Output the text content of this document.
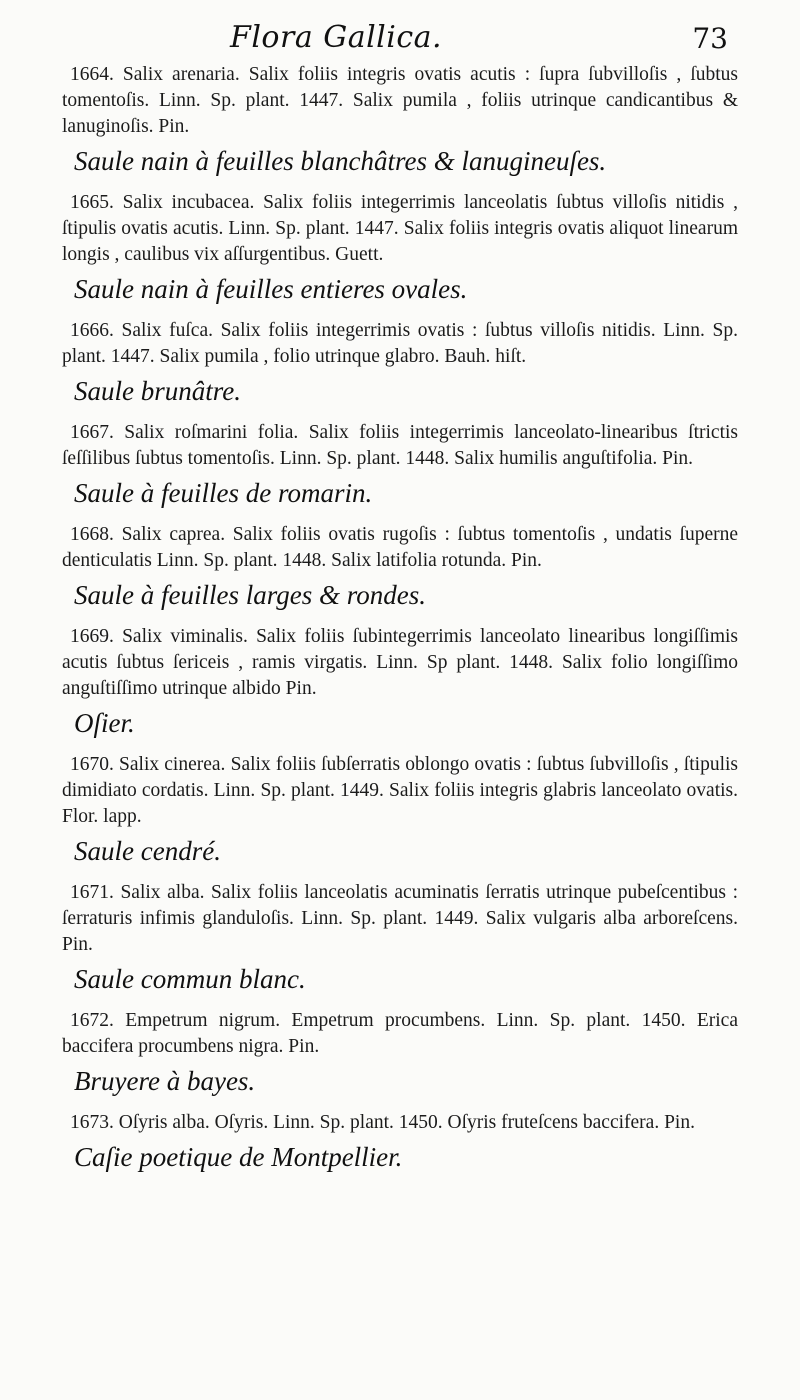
Flora Gallica.	73

1664. Salix arenaria. Salix foliis integris ovatis acutis : ſupra ſubvilloſis , ſubtus tomentoſis. Linn. Sp. plant. 1447. Salix pumila , foliis utrinque candicantibus & lanuginoſis. Pin.

Saule nain à feuilles blanchâtres & lanugineuſes.

1665. Salix incubacea. Salix foliis integerrimis lanceolatis ſubtus villoſis nitidis , ſtipulis ovatis acutis. Linn. Sp. plant. 1447. Salix foliis integris ovatis aliquot linearum longis , caulibus vix aſſurgentibus. Guett.

Saule nain à feuilles entieres ovales.

1666. Salix fuſca. Salix foliis integerrimis ovatis : ſubtus villoſis nitidis. Linn. Sp. plant. 1447. Salix pumila , folio utrinque glabro. Bauh. hiſt.

Saule brunâtre.

1667. Salix roſmarini folia. Salix foliis integerrimis lanceolato-linearibus ſtrictis ſeſſilibus ſubtus tomentoſis. Linn. Sp. plant. 1448. Salix humilis anguſtifolia. Pin.

Saule à feuilles de romarin.

1668. Salix caprea. Salix foliis ovatis rugoſis : ſubtus tomentoſis , undatis ſuperne denticulatis Linn. Sp. plant. 1448. Salix latifolia rotunda. Pin.

Saule à feuilles larges & rondes.

1669. Salix viminalis. Salix foliis ſubintegerrimis lanceolato linearibus longiſſimis acutis ſubtus ſericeis , ramis virgatis. Linn. Sp plant. 1448. Salix folio longiſſimo anguſtiſſimo utrinque albido Pin.

Oſier.

1670. Salix cinerea. Salix foliis ſubſerratis oblongo ovatis : ſubtus ſubvilloſis , ſtipulis dimidiato cordatis. Linn. Sp. plant. 1449. Salix foliis integris glabris lanceolato ovatis. Flor. lapp.

Saule cendré.

1671. Salix alba. Salix foliis lanceolatis acuminatis ſerratis utrinque pubeſcentibus : ſerraturis infimis glanduloſis. Linn. Sp. plant. 1449. Salix vulgaris alba arboreſcens. Pin.

Saule commun blanc.

1672. Empetrum nigrum. Empetrum procumbens. Linn. Sp. plant. 1450. Erica baccifera procumbens nigra. Pin.

Bruyere à bayes.

1673. Oſyris alba. Oſyris. Linn. Sp. plant. 1450. Oſyris fruteſcens baccifera. Pin.

Caſie poetique de Montpellier.
